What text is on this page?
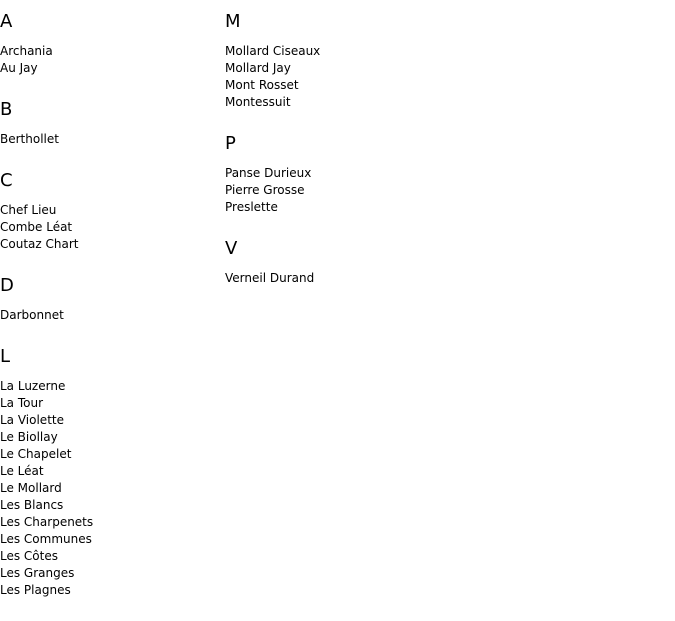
A
Archania
Au Jay
B
Berthollet
C
Chef Lieu
Combe Léat
Coutaz Chart
D
Darbonnet
L
La Luzerne
La Tour
La Violette
Le Biollay
Le Chapelet
Le Léat
Le Mollard
Les Blancs
Les Charpenets
Les Communes
Les Côtes
Les Granges
Les Plagnes
M
Mollard Ciseaux
Mollard Jay
Mont Rosset
Montessuit
P
Panse Durieux
Pierre Grosse
Preslette
V
Verneil Durand
